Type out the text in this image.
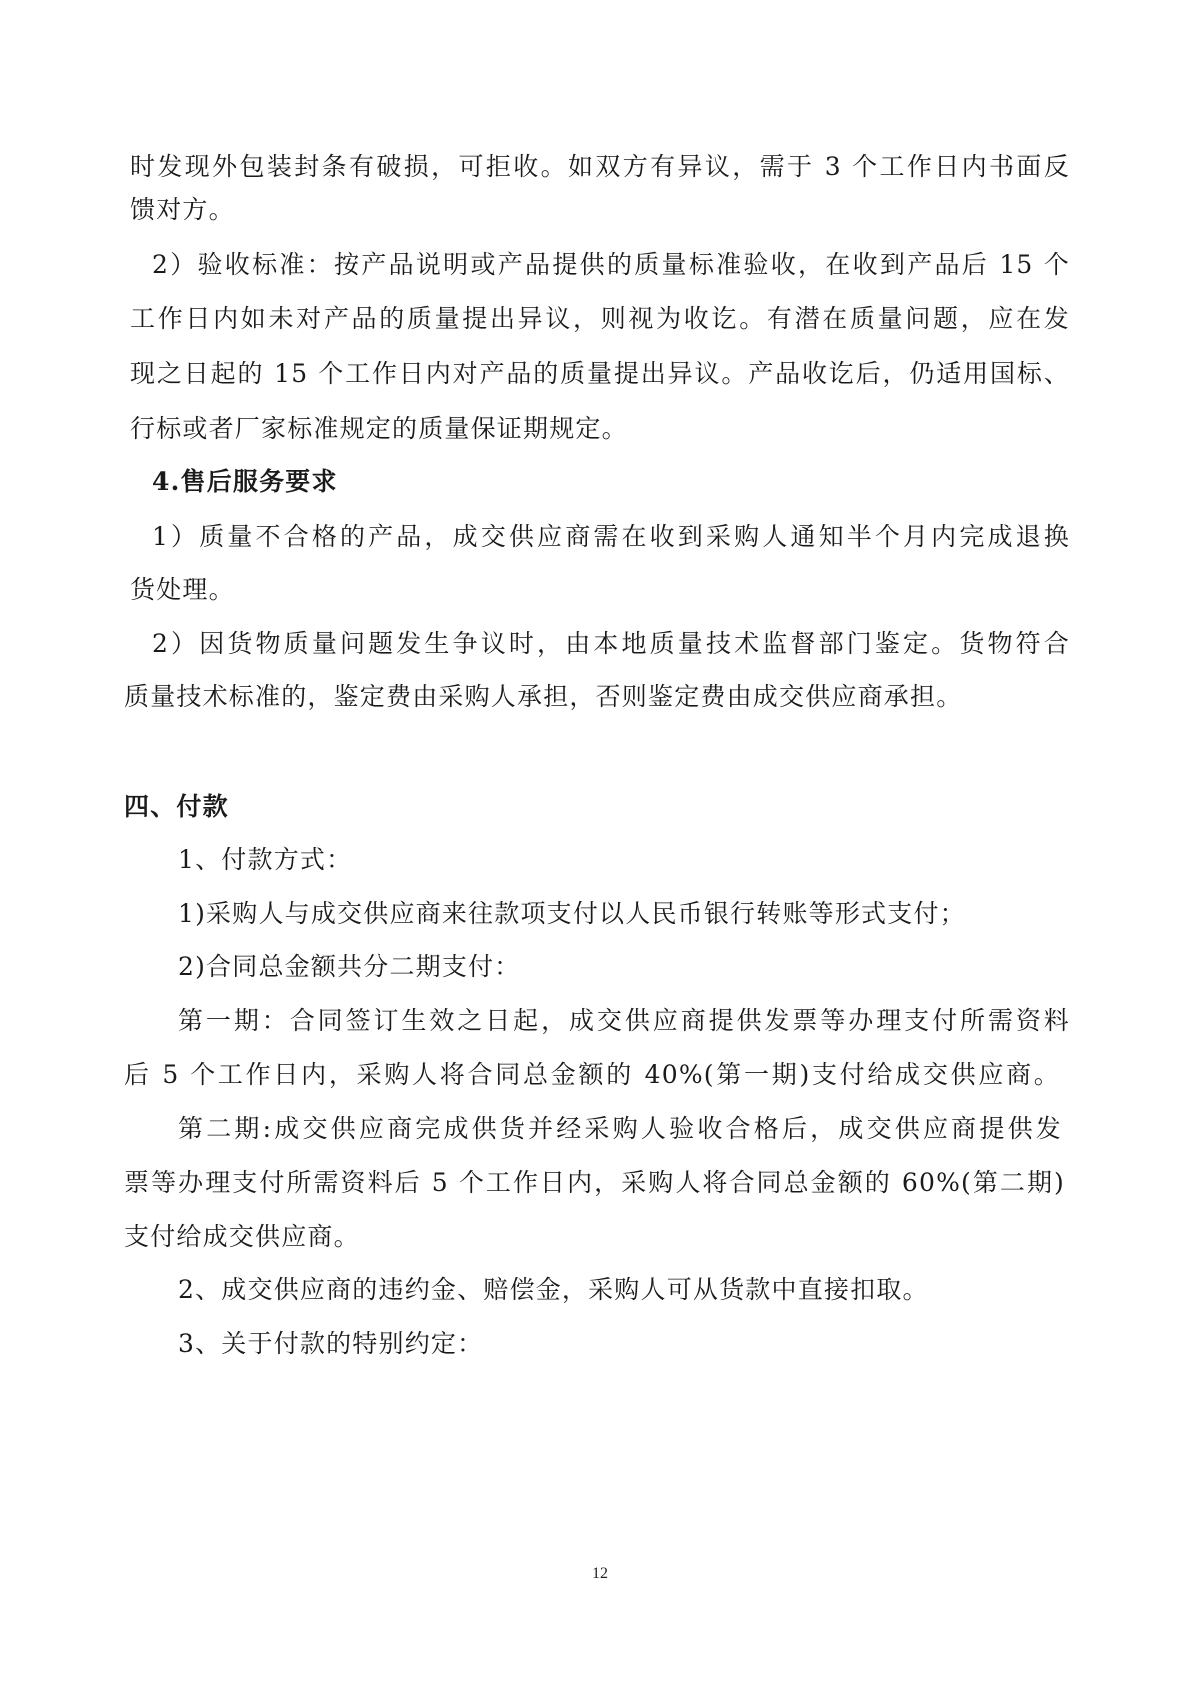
时发现外包装封条有破损，可拒收。如双方有异议，需于 3 个工作日内书面反
馈对方。
2）验收标准：按产品说明或产品提供的质量标准验收，在收到产品后 15 个
工作日内如未对产品的质量提出异议，则视为收讫。有潜在质量问题，应在发
现之日起的 15 个工作日内对产品的质量提出异议。产品收讫后，仍适用国标、
行标或者厂家标准规定的质量保证期规定。
4.售后服务要求
1）质量不合格的产品，成交供应商需在收到采购人通知半个月内完成退换
货处理。
2）因货物质量问题发生争议时，由本地质量技术监督部门鉴定。货物符合
质量技术标准的，鉴定费由采购人承担，否则鉴定费由成交供应商承担。
四、付款
1、付款方式：
1)采购人与成交供应商来往款项支付以人民币银行转账等形式支付；
2)合同总金额共分二期支付：
第一期：合同签订生效之日起，成交供应商提供发票等办理支付所需资料
后 5 个工作日内，采购人将合同总金额的 40%(第一期)支付给成交供应商。
第二期:成交供应商完成供货并经采购人验收合格后，成交供应商提供发
票等办理支付所需资料后 5 个工作日内，采购人将合同总金额的 60%(第二期)
支付给成交供应商。
2、成交供应商的违约金、赔偿金，采购人可从货款中直接扣取。
3、关于付款的特别约定：
12
